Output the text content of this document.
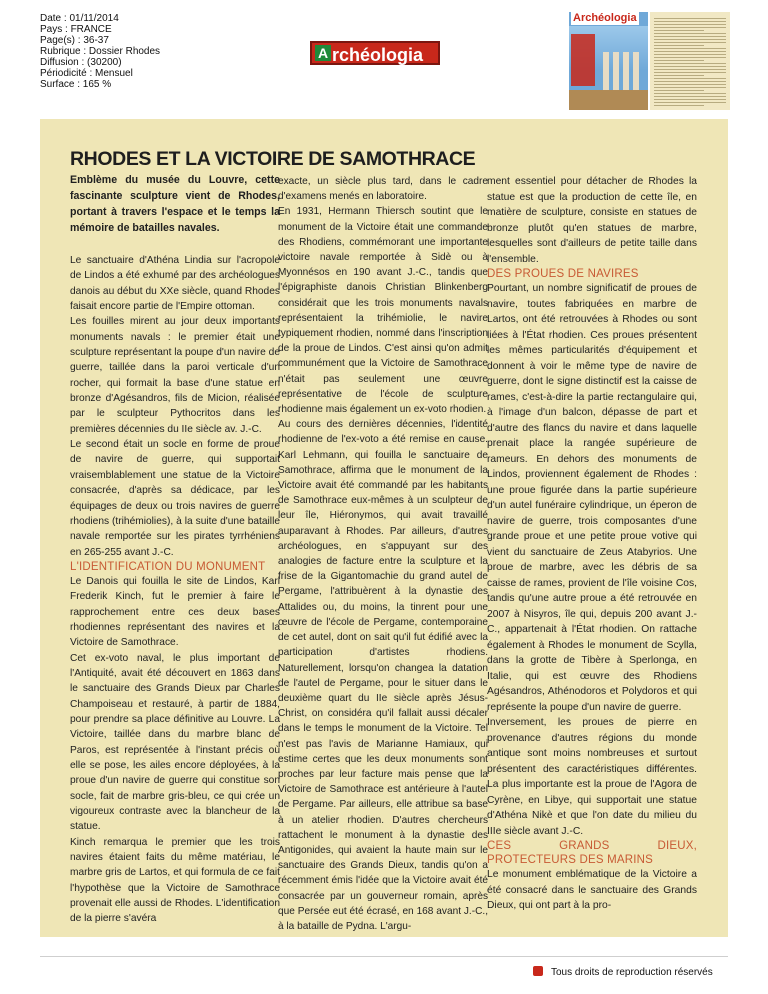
Date : 01/11/2014
Pays : FRANCE
Page(s) : 36-37
Rubrique : Dossier Rhodes
Diffusion : (30200)
Périodicité : Mensuel
Surface : 165 %
A rchéologia
Archéologia
RHODES ET LA VICTOIRE DE SAMOTHRACE

Emblème du musée du Louvre, cette fascinante sculpture vient de Rhodes, portant à travers l'espace et le temps la mémoire de batailles navales.

Le sanctuaire d'Athéna Lindia sur l'acropole de Lindos a été exhumé par des archéologues danois au début du XXe siècle, quand Rhodes faisait encore partie de l'Empire ottoman.

Les fouilles mirent au jour deux importants monuments navals : le premier était une sculpture représentant la poupe d'un navire de guerre, taillée dans la paroi verticale d'un rocher, qui formait la base d'une statue en bronze d'Agésandros, fils de Micion, réalisée par le sculpteur Pythocritos dans les premières décennies du IIe siècle av. J.-C.

Le second était un socle en forme de proue de navire de guerre, qui supportait vraisemblablement une statue de la Victoire consacrée, d'après sa dédicace, par les équipages de deux ou trois navires de guerre rhodiens (trihémiolies), à la suite d'une bataille navale remportée sur les pirates tyrrhéniens en 265-255 avant J.-C.

L'IDENTIFICATION DU MONUMENT

Le Danois qui fouilla le site de Lindos, Karl Frederik Kinch, fut le premier à faire le rapprochement entre ces deux bases rhodiennes représentant des navires et la Victoire de Samothrace.

Cet ex-voto naval, le plus important de l'Antiquité, avait été découvert en 1863 dans le sanctuaire des Grands Dieux par Charles Champoiseau et restauré, à partir de 1884, pour prendre sa place définitive au Louvre. La Victoire, taillée dans du marbre blanc de Paros, est représentée à l'instant précis où elle se pose, les ailes encore déployées, à la proue d'un navire de guerre qui constitue son socle, fait de marbre gris-bleu, ce qui crée un vigoureux contraste avec la blancheur de la statue.

Kinch remarqua le premier que les trois navires étaient faits du même matériau, le marbre gris de Lartos, et qui formula de ce fait l'hypothèse que la Victoire de Samothrace provenait elle aussi de Rhodes. L'identification de la pierre s'avéra

exacte, un siècle plus tard, dans le cadre d'examens menés en laboratoire.

En 1931, Hermann Thiersch soutint que le monument de la Victoire était une commande des Rhodiens, commémorant une importante victoire navale remportée à Sidè ou à Myonnésos en 190 avant J.-C., tandis que l'épigraphiste danois Christian Blinkenberg considérait que les trois monuments navals représentaient la trihémiolie, le navire typiquement rhodien, nommé dans l'inscription de la proue de Lindos. C'est ainsi qu'on admit communément que la Victoire de Samothrace n'était pas seulement une œuvre représentative de l'école de sculpture rhodienne mais également un ex-voto rhodien.

Au cours des dernières décennies, l'identité rhodienne de l'ex-voto a été remise en cause. Karl Lehmann, qui fouilla le sanctuaire de Samothrace, affirma que le monument de la Victoire avait été commandé par les habitants de Samothrace eux-mêmes à un sculpteur de leur île, Hiéronymos, qui avait travaillé auparavant à Rhodes. Par ailleurs, d'autres archéologues, en s'appuyant sur des analogies de facture entre la sculpture et la frise de la Gigantomachie du grand autel de Pergame, l'attribuèrent à la dynastie des Attalides ou, du moins, la tinrent pour une œuvre de l'école de Pergame, contemporaine de cet autel, dont on sait qu'il fut édifié avec la participation d'artistes rhodiens. Naturellement, lorsqu'on changea la datation de l'autel de Pergame, pour le situer dans le deuxième quart du IIe siècle après Jésus-Christ, on considéra qu'il fallait aussi décaler dans le temps le monument de la Victoire. Tel n'est pas l'avis de Marianne Hamiaux, qui estime certes que les deux monuments sont proches par leur facture mais pense que la Victoire de Samothrace est antérieure à l'autel de Pergame. Par ailleurs, elle attribue sa base à un atelier rhodien. D'autres chercheurs rattachent le monument à la dynastie des Antigonides, qui avaient la haute main sur le sanctuaire des Grands Dieux, tandis qu'on a récemment émis l'idée que la Victoire avait été consacrée par un gouverneur romain, après que Persée eut été écrasé, en 168 avant J.-C., à la bataille de Pydna. L'argu-

ment essentiel pour détacher de Rhodes la statue est que la production de cette île, en matière de sculpture, consiste en statues de bronze plutôt qu'en statues de marbre, lesquelles sont d'ailleurs de petite taille dans l'ensemble.

DES PROUES DE NAVIRES

Pourtant, un nombre significatif de proues de navire, toutes fabriquées en marbre de Lartos, ont été retrouvées à Rhodes ou sont liées à l'État rhodien. Ces proues présentent les mêmes particularités d'équipement et donnent à voir le même type de navire de guerre, dont le signe distinctif est la caisse de rames, c'est-à-dire la partie rectangulaire qui, à l'image d'un balcon, dépasse de part et d'autre des flancs du navire et dans laquelle prenait place la rangée supérieure de rameurs. En dehors des monuments de Lindos, proviennent également de Rhodes : une proue figurée dans la partie supérieure d'un autel funéraire cylindrique, un éperon de navire de guerre, trois composantes d'une grande proue et une petite proue votive qui vient du sanctuaire de Zeus Atabyrios. Une proue de marbre, avec les débris de sa caisse de rames, provient de l'île voisine Cos, tandis qu'une autre proue a été retrouvée en 2007 à Nisyros, île qui, depuis 200 avant J.-C., appartenait à l'État rhodien. On rattache également à Rhodes le monument de Scylla, dans la grotte de Tibère à Sperlonga, en Italie, qui est œuvre des Rhodiens Agésandros, Athénodoros et Polydoros et qui représente la poupe d'un navire de guerre.

Inversement, les proues de pierre en provenance d'autres régions du monde antique sont moins nombreuses et surtout présentent des caractéristiques différentes. La plus importante est la proue de l'Agora de Cyrène, en Libye, qui supportait une statue d'Athéna Nikè et que l'on date du milieu du IIIe siècle avant J.-C.

CES GRANDS DIEUX, PROTECTEURS DES MARINS

Le monument emblématique de la Victoire a été consacré dans le sanctuaire des Grands Dieux, qui ont part à la pro-

Tous droits de reproduction réservés
